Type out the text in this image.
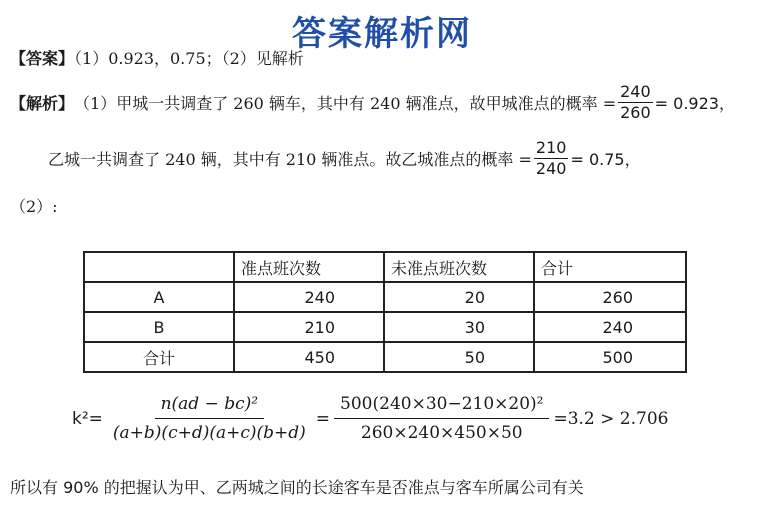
答案解析网
【答案】（1）0.923，0.75；（2）见解析
【解析】 （1）甲城一共调查了 260 辆车，其中有 240 辆准点，故甲城准点的概率 = $\frac{240}{260} = 0.923$，
乙城一共调查了 240 辆，其中有 210 辆准点。故乙城准点的概率 = $\frac{210}{240} = 0.75$，
（2）:
	准点班次数	未准点班次数	合计
A	240	20	260
B	210	30	240
合计	450	50	500
$k^2= \frac{\text{n(ad − bc)²}}{(a+b)(c+d)(a+c)(b+d)} = \frac{\text{500(240×30−210×20)²}}{260\times 240\times 450\times 50} =3.2 > 2.706$
所以有 90% 的把握认为甲、乙两城之间的长途客车是否准点与客车所属公司有关
